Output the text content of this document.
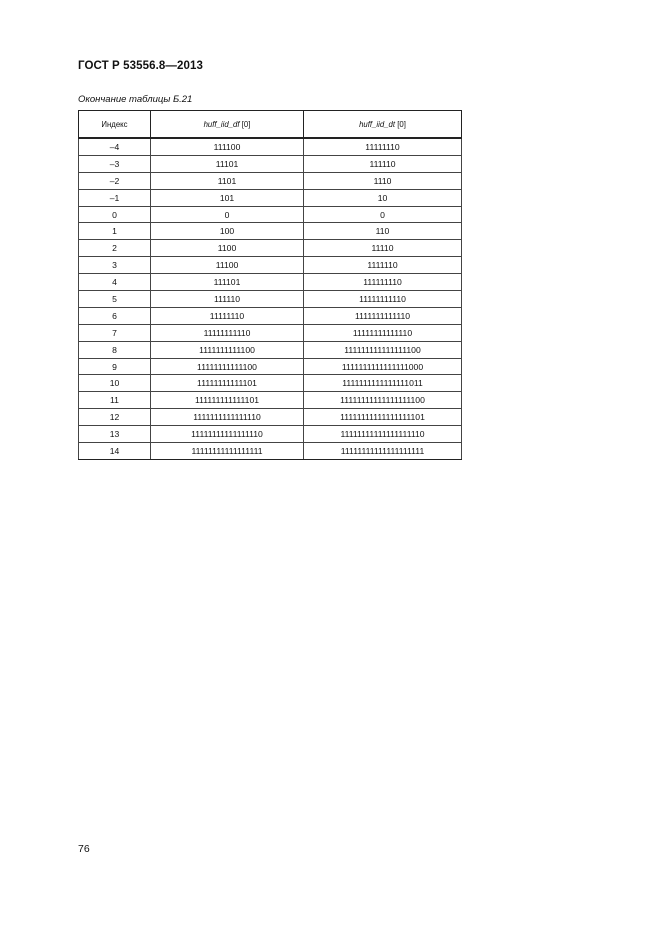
ГОСТ Р 53556.8—2013
Окончание таблицы Б.21
Индекс	huff_iid_df [0]	huff_iid_dt [0]
–4	111100	11111110
–3	11101	111110
–2	1101	1110
–1	101	10
0	0	0
1	100	110
2	1100	11110
3	11100	1111110
4	111101	111111110
5	111110	11111111110
6	11111110	1111111111110
7	11111111110	11111111111110
8	1111111111100	111111111111111100
9	11111111111100	1111111111111111000
10	11111111111101	1111111111111111011
11	111111111111101	11111111111111111100
12	1111111111111110	11111111111111111101
13	11111111111111110	11111111111111111110
14	11111111111111111	11111111111111111111
76
